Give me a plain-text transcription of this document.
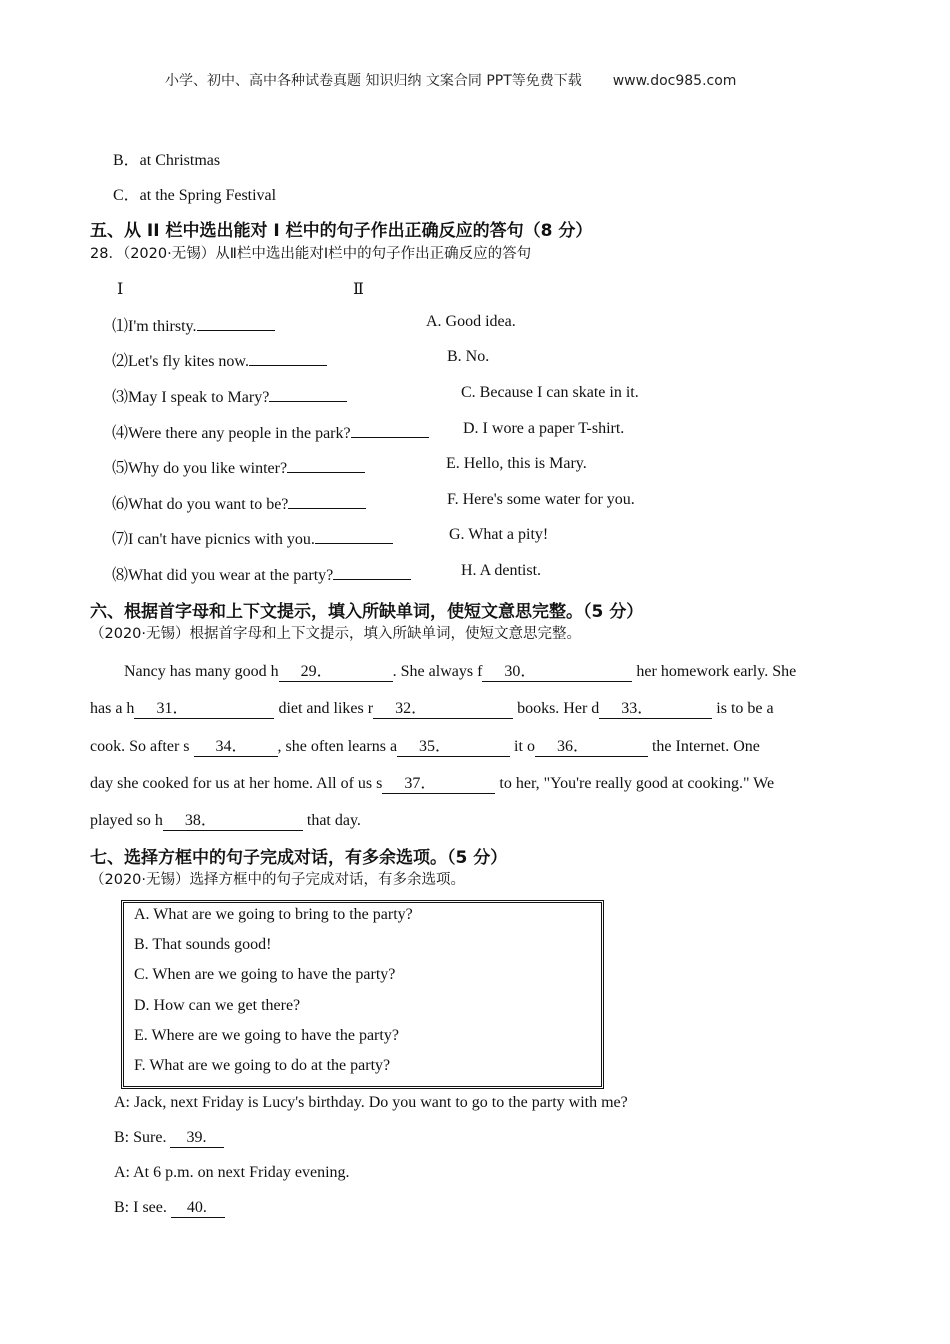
小学、初中、高中各种试卷真题 知识归纳 文案合同 PPT等免费下载 www.doc985.com
B．at Christmas
C．at the Spring Festival
五、从 II 栏中选出能对 I 栏中的句子作出正确反应的答句（8 分）
28．（2020·无锡）从Ⅱ栏中选出能对Ⅰ栏中的句子作出正确反应的答句
Ⅰ	Ⅱ
⑴I'm thirsty.	A. Good idea.
⑵Let's fly kites now.	B. No.
⑶May I speak to Mary?	C. Because I can skate in it.
⑷Were there any people in the park?	D. I wore a paper T-shirt.
⑸Why do you like winter?	E. Hello, this is Mary.
⑹What do you want to be?	F. Here's some water for you.
⑺I can't have picnics with you.	G. What a pity!
⑻What did you wear at the party?	H. A dentist.
六、根据首字母和上下文提示，填入所缺单词，使短文意思完整。（5 分）
（2020·无锡）根据首字母和上下文提示，填入所缺单词，使短文意思完整。
Nancy has many good h 29．	. She always f 30．	her homework early. She
has a h 31．	diet and likes r 32．	books. Her d 33．	is to be a
cook. So after s 34． , she often learns a 35．	it o 36．	the Internet. One
day she cooked for us at her home. All of us s 37．	to her, "You're really good at cooking." We
played so h 38．	that day.
七、选择方框中的句子完成对话，有多余选项。（5 分）
（2020·无锡）选择方框中的句子完成对话，有多余选项。
A. What are we going to bring to the party?
B. That sounds good!
C. When are we going to have the party?
D. How can we get there?
E. Where are we going to have the party?
F. What are we going to do at the party?
A: Jack, next Friday is Lucy's birthday. Do you want to go to the party with me?
B: Sure. 39.
A: At 6 p.m. on next Friday evening.
B: I see. 40.
